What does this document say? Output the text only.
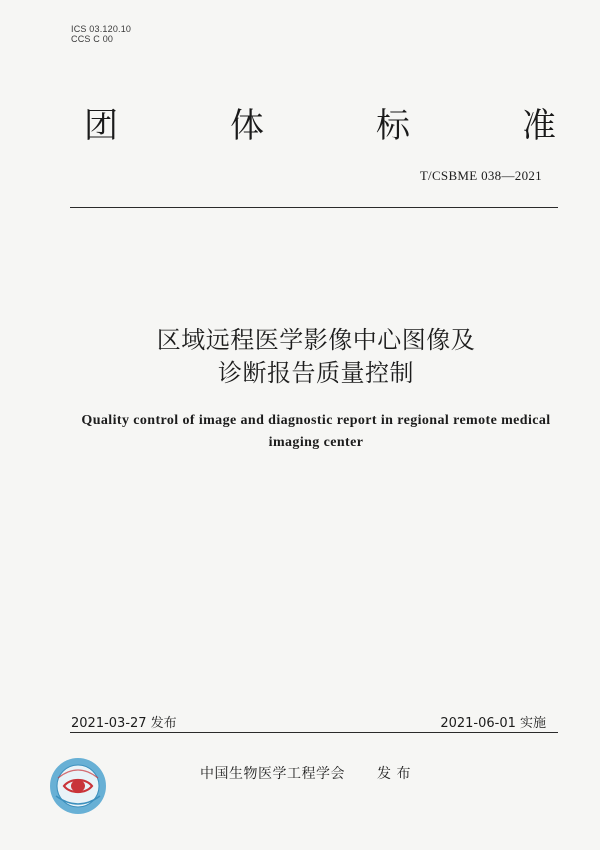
ICS 03.120.10
CCS C 00
团	体	标	准
T/CSBME 038—2021
区域远程医学影像中心图像及
诊断报告质量控制
Quality control of image and diagnostic report in regional remote medical
imaging center
2021-03-27 发布	2021-06-01 实施
中国生物医学工程学会 发 布
